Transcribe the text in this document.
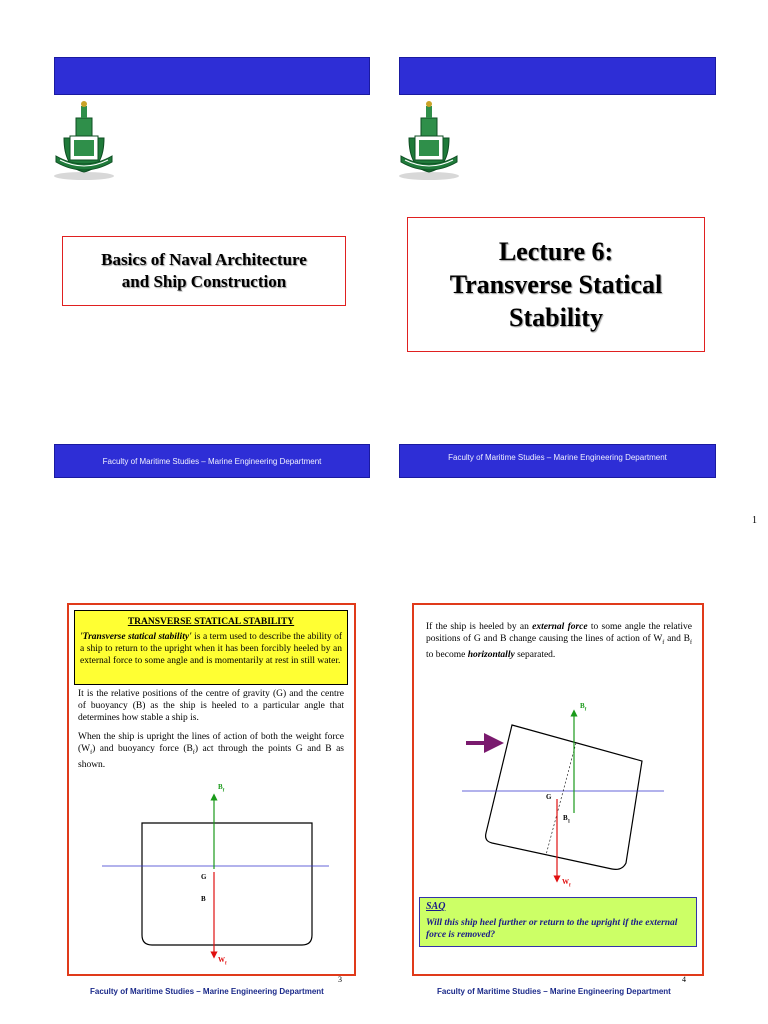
Basics of Naval Architecture
and Ship Construction
Faculty of Maritime Studies – Marine Engineering Department
Lecture 6:
Transverse Statical
Stability
Faculty of Maritime Studies – Marine Engineering Department
1
TRANSVERSE STATICAL STABILITY
'Transverse statical stability' is a term used to describe the ability of a ship to return to the upright when it has been forcibly heeled by an external force to some angle and is momentarily at rest in still water.
It is the relative positions of the centre of gravity (G) and the centre of buoyancy (B) as the ship is heeled to a particular angle that determines how stable a ship is.
When the ship is upright the lines of action of both the weight force $(W_f)$ and buoyancy force $(B_f)$ act through the points G and B as shown.
$B_f$
G
B
$W_f$
3
Faculty of Maritime Studies – Marine Engineering Department
If the ship is heeled by an external force to some angle the relative positions of G and B change causing the lines of action of $W_f$ and $B_f$ to become horizontally separated.
$B_f$
G
$B_1$
$W_f$
SAQ
Will this ship heel further or return to the upright if the external force is removed?
4
Faculty of Maritime Studies – Marine Engineering Department
